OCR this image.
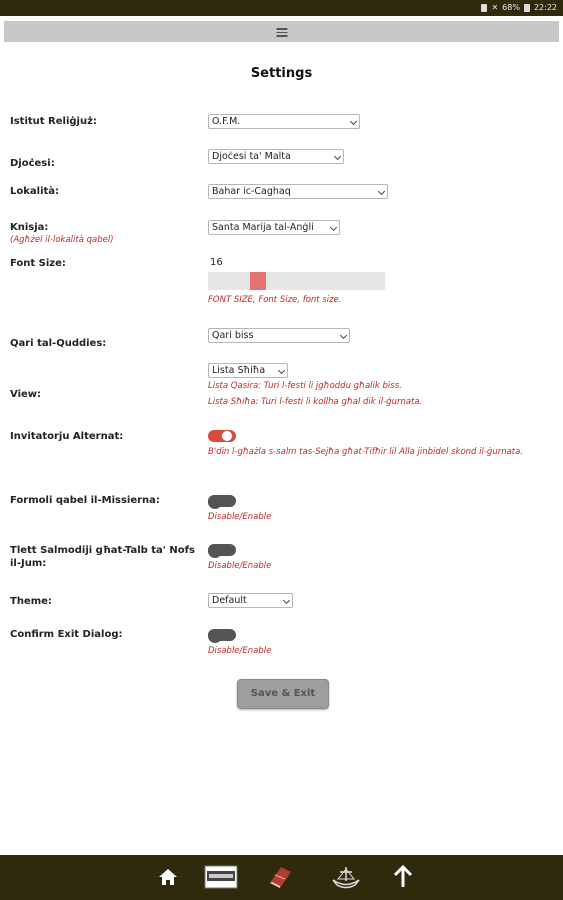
✕ 68% 22:22
Settings
Istitut Reliġjuż:	O.F.M.
Djoċesi:
Djoċesi ta' Malta
Lokalità:	Bahar ic-Caghaq
Knisja:
(Agħżel il-lokalità qabel)
Santa Marija tal-Anġli
Font Size:	16
FONT SIZE, Font Size, font size.
Qari tal-Quddies:
Qari biss
View:
Lista Sħiħa
Lista Qasira: Turi l-festi li jgħoddu għalik biss.
Lista Sħiħa: Turi l-festi li kollha għal dik il-ġurnata.
Invitatorju Alternat:
B'din l-għażla s-salm tas-Sejħa għat-Tifħir lil Alla jinbidel skond il-ġurnata.
Formoli qabel il-Missierna:
Disable/Enable
Tlett Salmodiji għat-Talb ta' Nofs il-Jum:	Disable/Enable
Theme:	Default
Confirm Exit Dialog:
Disable/Enable
Save & Exit
